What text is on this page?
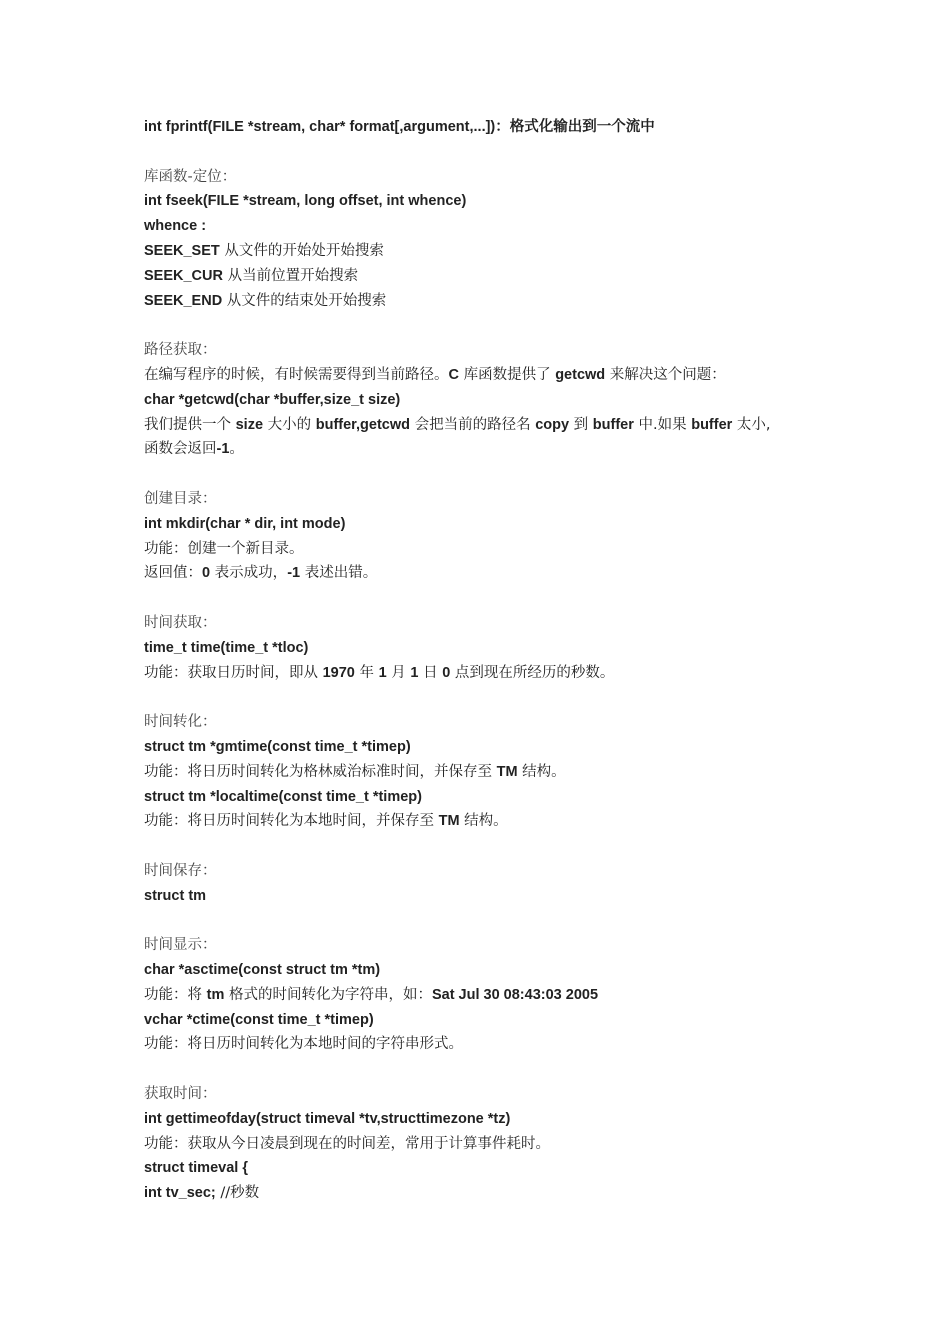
int fprintf(FILE *stream, char* format[,argument,...])：格式化输出到一个流中
库函数-定位：
int fseek(FILE *stream, long offset, int whence)
whence :
SEEK_SET 从文件的开始处开始搜索
SEEK_CUR 从当前位置开始搜索
SEEK_END 从文件的结束处开始搜索
路径获取：
在编写程序的时候，有时候需要得到当前路径。C 库函数提供了 getcwd 来解决这个问题：
char *getcwd(char *buffer,size_t size)
我们提供一个 size 大小的 buffer,getcwd 会把当前的路径名 copy 到 buffer 中.如果 buffer 太小,
函数会返回-1。
创建目录：
int mkdir(char * dir, int mode)
功能：创建一个新目录。
返回值：0 表示成功，-1 表述出错。
时间获取：
time_t time(time_t *tloc)
功能：获取日历时间，即从 1970 年 1 月 1 日 0 点到现在所经历的秒数。
时间转化：
struct tm *gmtime(const time_t *timep)
功能：将日历时间转化为格林威治标准时间，并保存至 TM 结构。
struct tm *localtime(const time_t *timep)
功能：将日历时间转化为本地时间，并保存至 TM 结构。
时间保存：
struct tm
时间显示：
char *asctime(const struct tm *tm)
功能：将 tm 格式的时间转化为字符串，如：Sat Jul 30 08:43:03 2005
vchar *ctime(const time_t *timep)
功能：将日历时间转化为本地时间的字符串形式。
获取时间：
int gettimeofday(struct timeval *tv,structtimezone *tz)
功能：获取从今日凌晨到现在的时间差，常用于计算事件耗时。
struct timeval {
int tv_sec; //秒数
